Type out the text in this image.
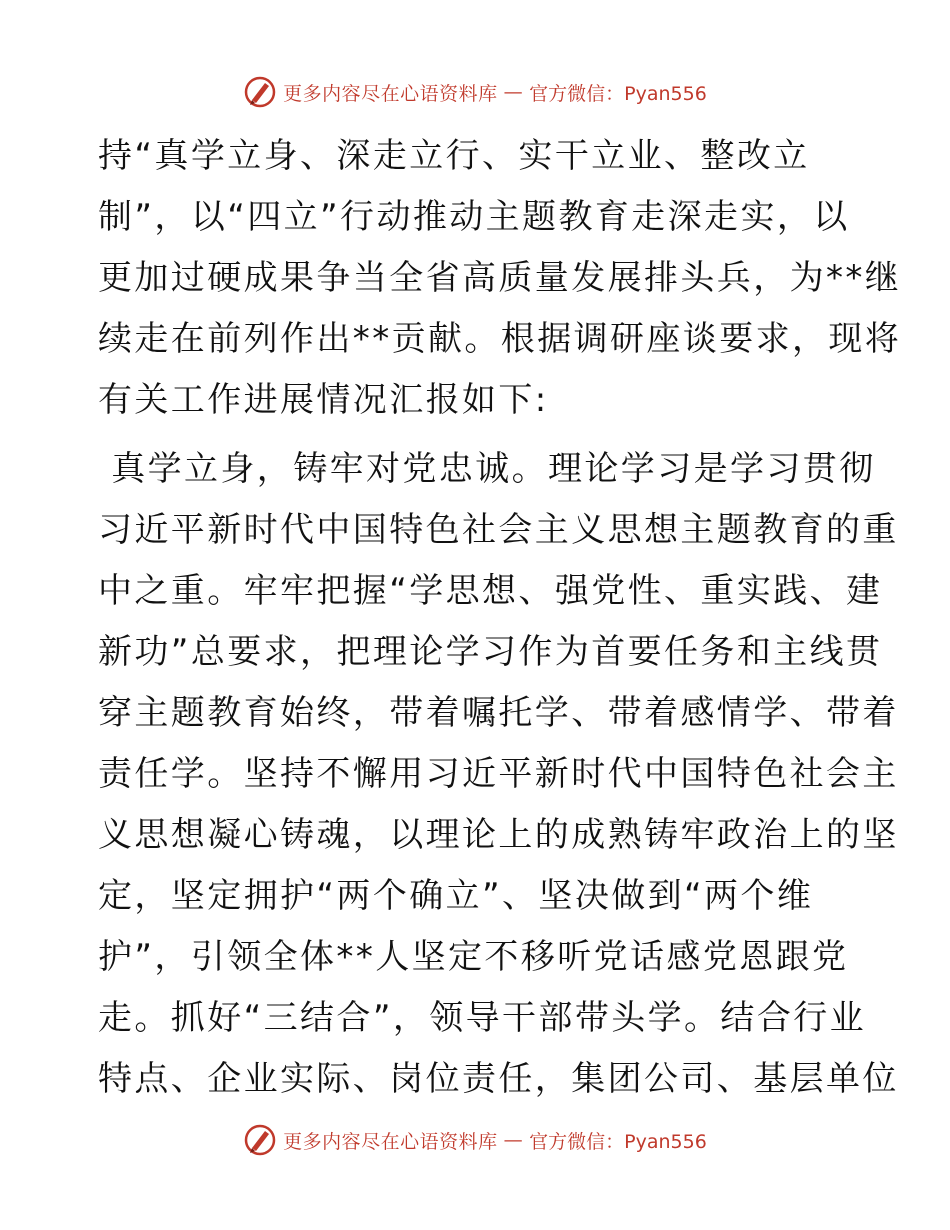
更多内容尽在心语资料库 — 官方微信：Pyan556
持“真学立身、深走立行、实干立业、整改立
制”，以“四立”行动推动主题教育走深走实，以
更加过硬成果争当全省高质量发展排头兵，为**继
续走在前列作出**贡献。根据调研座谈要求，现将
有关工作进展情况汇报如下:
真学立身，铸牢对党忠诚。理论学习是学习贯彻
习近平新时代中国特色社会主义思想主题教育的重
中之重。牢牢把握“学思想、强党性、重实践、建
新功”总要求，把理论学习作为首要任务和主线贯
穿主题教育始终，带着嘱托学、带着感情学、带着
责任学。坚持不懈用习近平新时代中国特色社会主
义思想凝心铸魂，以理论上的成熟铸牢政治上的坚
定，坚定拥护“两个确立”、坚决做到“两个维
护”，引领全体**人坚定不移听党话感党恩跟党
走。抓好“三结合”，领导干部带头学。结合行业
特点、企业实际、岗位责任，集团公司、基层单位
更多内容尽在心语资料库 — 官方微信：Pyan556
